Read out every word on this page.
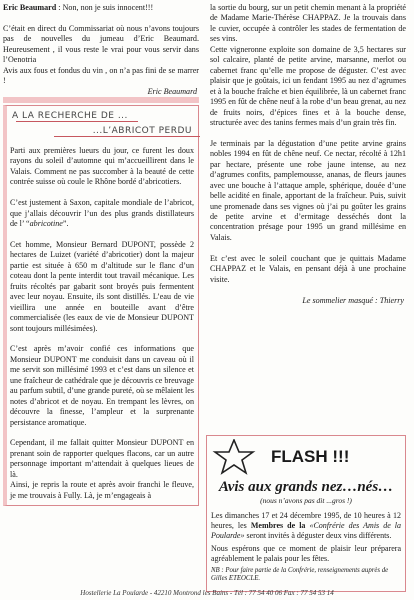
Eric Beaumard : Non, non je suis innocent!!!

C’était en direct du Commissariat où nous n’avons toujours pas de nouvelles du jumeau d’Eric Beaumard. Heureusement , il vous reste le vrai pour vous servir dans l’Oenotria

Avis aux fous et fondus du vin , on n’a pas fini de se marrer !

Eric Beaumard

A LA RECHERCHE DE ...
...L’ABRICOT PERDU

Parti aux premières lueurs du jour, ce furent les doux rayons du soleil d’automne qui m’accueillirent dans le Valais. Comment ne pas succomber à la beauté de cette contrée suisse où coule le Rhône bordé d’abricotiers.

C’est justement à Saxon, capitale mondiale de l’abricot, que j’allais découvrir l’un des plus grands distillateurs de l’ “abricotine”.

Cet homme, Monsieur Bernard DUPONT, possède 2 hectares de Luizet (variété d’abricotier) dont la majeur partie est située à 650 m d’altitude sur le flanc d’un coteau dont la pente interdit tout travail mécanique. Les fruits récoltés par gabarit sont broyés puis fermentent avec leur noyau. Ensuite, ils sont distillés. L’eau de vie vieillira une année en bouteille avant d’être commercialisée (les eaux de vie de Monsieur DUPONT sont toujours millésimées).

C’est après m’avoir confié ces informations que Monsieur DUPONT me conduisit dans un caveau où il me servit son millésimé 1993 et c’est dans un silence et une fraîcheur de cathédrale que je découvris ce breuvage au parfum subtil, d’une grande pureté, où se mêlaient les notes d’abricot et de noyau. En trempant les lèvres, on découvre la finesse, l’ampleur et la surprenante persistance aromatique.

Cependant, il me fallait quitter Monsieur DUPONT en prenant soin de rapporter quelques flacons, car un autre personnage important m’attendait à quelques lieues de là.

Ainsi, je repris la route et après avoir franchi le fleuve, je me trouvais à Fully. Là, je m’engageais à

la sortie du bourg, sur un petit chemin menant à la propriété de Madame Marie-Thérèse CHAPPAZ. Je la trouvais dans le cuvier, occupée à contrôler les stades de fermentation de ses vins.

Cette vigneronne exploite son domaine de 3,5 hectares sur sol calcaire, planté de petite arvine, marsanne, merlot ou cabernet franc qu’elle me propose de déguster. C’est avec plaisir que je goûtais, ici un fendant 1995 au nez d’agrumes et à la bouche fraîche et bien équilibrée, là un cabernet franc 1995 en fût de chêne neuf à la robe d’un beau grenat, au nez de fruits noirs, d’épices fines et à la bouche dense, structurée avec des tanins fermes mais d’un grain très fin.

Je terminais par la dégustation d’une petite arvine grains nobles 1994 en fût de chêne neuf. Ce nectar, récolté à 12h1 par hectare, présente une robe jaune intense, au nez d’agrumes confits, pamplemousse, ananas, de fleurs jaunes avec une bouche à l’attaque ample, sphérique, douée d’une belle acidité en finale, apportant de la fraîcheur. Puis, suivit une promenade dans ses vignes où j’ai pu goûter les grains de petite arvine et d’ermitage desséchés dont la concentration présage pour 1995 un grand millésime en Valais.

Et c’est avec le soleil couchant que je quittais Madame CHAPPAZ et le Valais, en pensant déjà à une prochaine visite.

Le sommelier masqué : Thierry

FLASH !!!
Avis aux grands nez…nés…
(nous n’avons pas dit ...gros !)

Les dimanches 17 et 24 décembre 1995, de 10 heures à 12 heures, les Membres de la «Confrérie des Amis de la Poularde» seront invités à déguster deux vins différents.

Nous espérons que ce moment de plaisir leur préparera agréablement le palais pour les fêtes.

NB : Pour faire partie de la Confrérie, renseignements auprès de Gilles ETEOCLE.
Hostellerie La Poularde - 42210 Montrond les Bains - Tél : 77 54 40 06 Fax : 77 54 53 14
